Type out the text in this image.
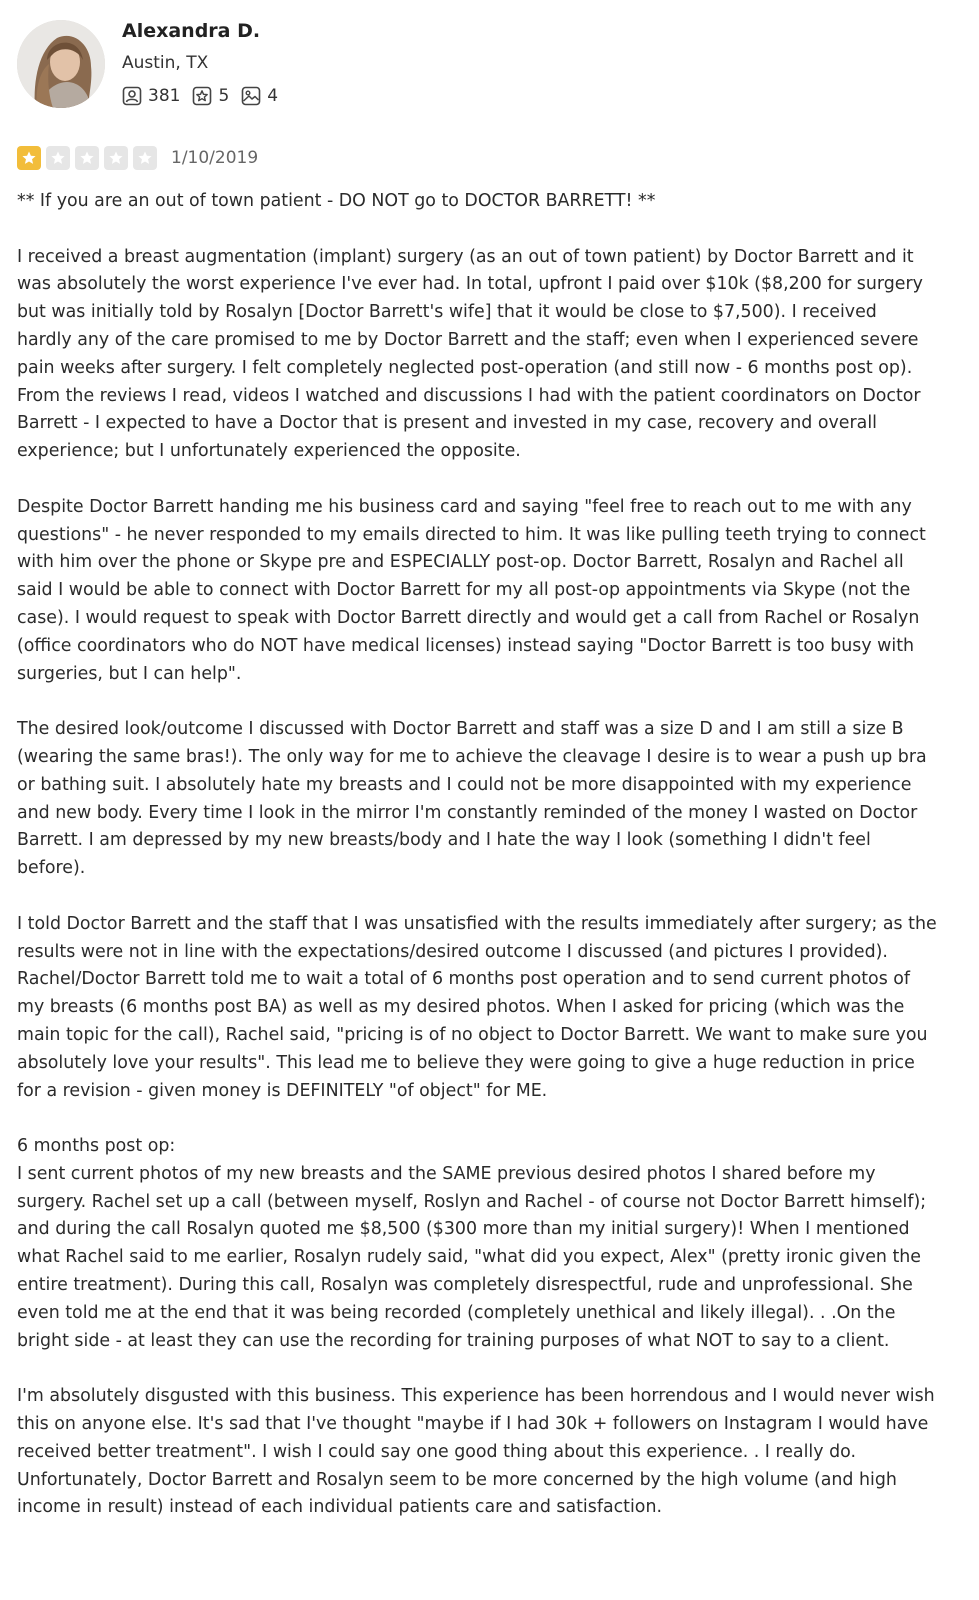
Alexandra D.
Austin, TX
381 5 4
1/10/2019

** If you are an out of town patient - DO NOT go to DOCTOR BARRETT! **

I received a breast augmentation (implant) surgery (as an out of town patient) by Doctor Barrett and it was absolutely the worst experience I've ever had. In total, upfront I paid over $10k ($8,200 for surgery but was initially told by Rosalyn [Doctor Barrett's wife] that it would be close to $7,500). I received hardly any of the care promised to me by Doctor Barrett and the staff; even when I experienced severe pain weeks after surgery. I felt completely neglected post-operation (and still now - 6 months post op). From the reviews I read, videos I watched and discussions I had with the patient coordinators on Doctor Barrett - I expected to have a Doctor that is present and invested in my case, recovery and overall experience; but I unfortunately experienced the opposite.

Despite Doctor Barrett handing me his business card and saying "feel free to reach out to me with any questions" - he never responded to my emails directed to him. It was like pulling teeth trying to connect with him over the phone or Skype pre and ESPECIALLY post-op. Doctor Barrett, Rosalyn and Rachel all said I would be able to connect with Doctor Barrett for my all post-op appointments via Skype (not the case). I would request to speak with Doctor Barrett directly and would get a call from Rachel or Rosalyn (office coordinators who do NOT have medical licenses) instead saying "Doctor Barrett is too busy with surgeries, but I can help".

The desired look/outcome I discussed with Doctor Barrett and staff was a size D and I am still a size B (wearing the same bras!). The only way for me to achieve the cleavage I desire is to wear a push up bra or bathing suit. I absolutely hate my breasts and I could not be more disappointed with my experience and new body. Every time I look in the mirror I'm constantly reminded of the money I wasted on Doctor Barrett. I am depressed by my new breasts/body and I hate the way I look (something I didn't feel before).

I told Doctor Barrett and the staff that I was unsatisfied with the results immediately after surgery; as the results were not in line with the expectations/desired outcome I discussed (and pictures I provided). Rachel/Doctor Barrett told me to wait a total of 6 months post operation and to send current photos of my breasts (6 months post BA) as well as my desired photos. When I asked for pricing (which was the main topic for the call), Rachel said, "pricing is of no object to Doctor Barrett. We want to make sure you absolutely love your results". This lead me to believe they were going to give a huge reduction in price for a revision - given money is DEFINITELY "of object" for ME.

6 months post op:
I sent current photos of my new breasts and the SAME previous desired photos I shared before my surgery. Rachel set up a call (between myself, Roslyn and Rachel - of course not Doctor Barrett himself); and during the call Rosalyn quoted me $8,500 ($300 more than my initial surgery)! When I mentioned what Rachel said to me earlier, Rosalyn rudely said, "what did you expect, Alex" (pretty ironic given the entire treatment). During this call, Rosalyn was completely disrespectful, rude and unprofessional. She even told me at the end that it was being recorded (completely unethical and likely illegal). . .On the bright side - at least they can use the recording for training purposes of what NOT to say to a client.

I'm absolutely disgusted with this business. This experience has been horrendous and I would never wish this on anyone else. It's sad that I've thought "maybe if I had 30k + followers on Instagram I would have received better treatment". I wish I could say one good thing about this experience. . I really do. Unfortunately, Doctor Barrett and Rosalyn seem to be more concerned by the high volume (and high income in result) instead of each individual patients care and satisfaction.
